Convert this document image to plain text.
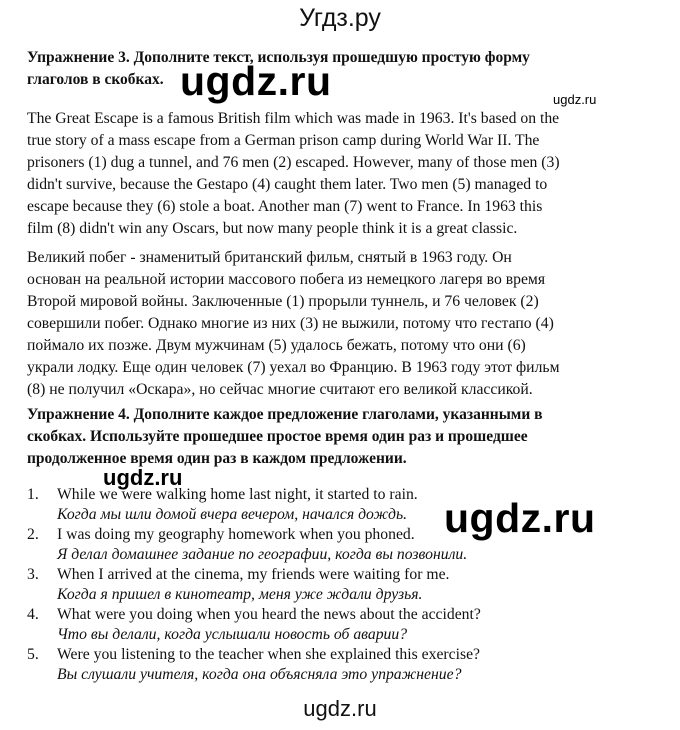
Угдз.ру
Упражнение 3. Дополните текст, используя прошедшую простую форму
глаголов в скобках. ugdz.ru	ugdz.ru
The Great Escape is a famous British film which was made in 1963. It's based on the
true story of a mass escape from a German prison camp during World War II. The
prisoners (1) dug a tunnel, and 76 men (2) escaped. However, many of those men (3)
didn't survive, because the Gestapo (4) caught them later. Two men (5) managed to
escape because they (6) stole a boat. Another man (7) went to France. In 1963 this
film (8) didn't win any Oscars, but now many people think it is a great classic.
Великий побег - знаменитый британский фильм, снятый в 1963 году. Он
основан на реальной истории массового побега из немецкого лагеря во время
Второй мировой войны. Заключенные (1) прорыли туннель, и 76 человек (2)
совершили побег. Однако многие из них (3) не выжили, потому что гестапо (4)
поймало их позже. Двум мужчинам (5) удалось бежать, потому что они (6)
украли лодку. Еще один человек (7) уехал во Францию. В 1963 году этот фильм
(8) не получил «Оскара», но сейчас многие считают его великой классикой.
Упражнение 4. Дополните каждое предложение глаголами, указанными в
скобках. Используйте прошедшее простое время один раз и прошедшее
продолженное время один раз в каждом предложении.
ugdz.ru
1. While we were walking home last night, it started to rain.
Когда мы шли домой вчера вечером, начался дождь.
2. I was doing my geography homework when you phoned.
Я делал домашнее задание по географии, когда вы позвонили.
3. When I arrived at the cinema, my friends were waiting for me.
Когда я пришел в кинотеатр, меня уже ждали друзья.
4. What were you doing when you heard the news about the accident?
Что вы делали, когда услышали новость об аварии?
5. Were you listening to the teacher when she explained this exercise?
Вы слушали учителя, когда она объясняла это упражнение?
ugdz.ru
ugdz.ru
